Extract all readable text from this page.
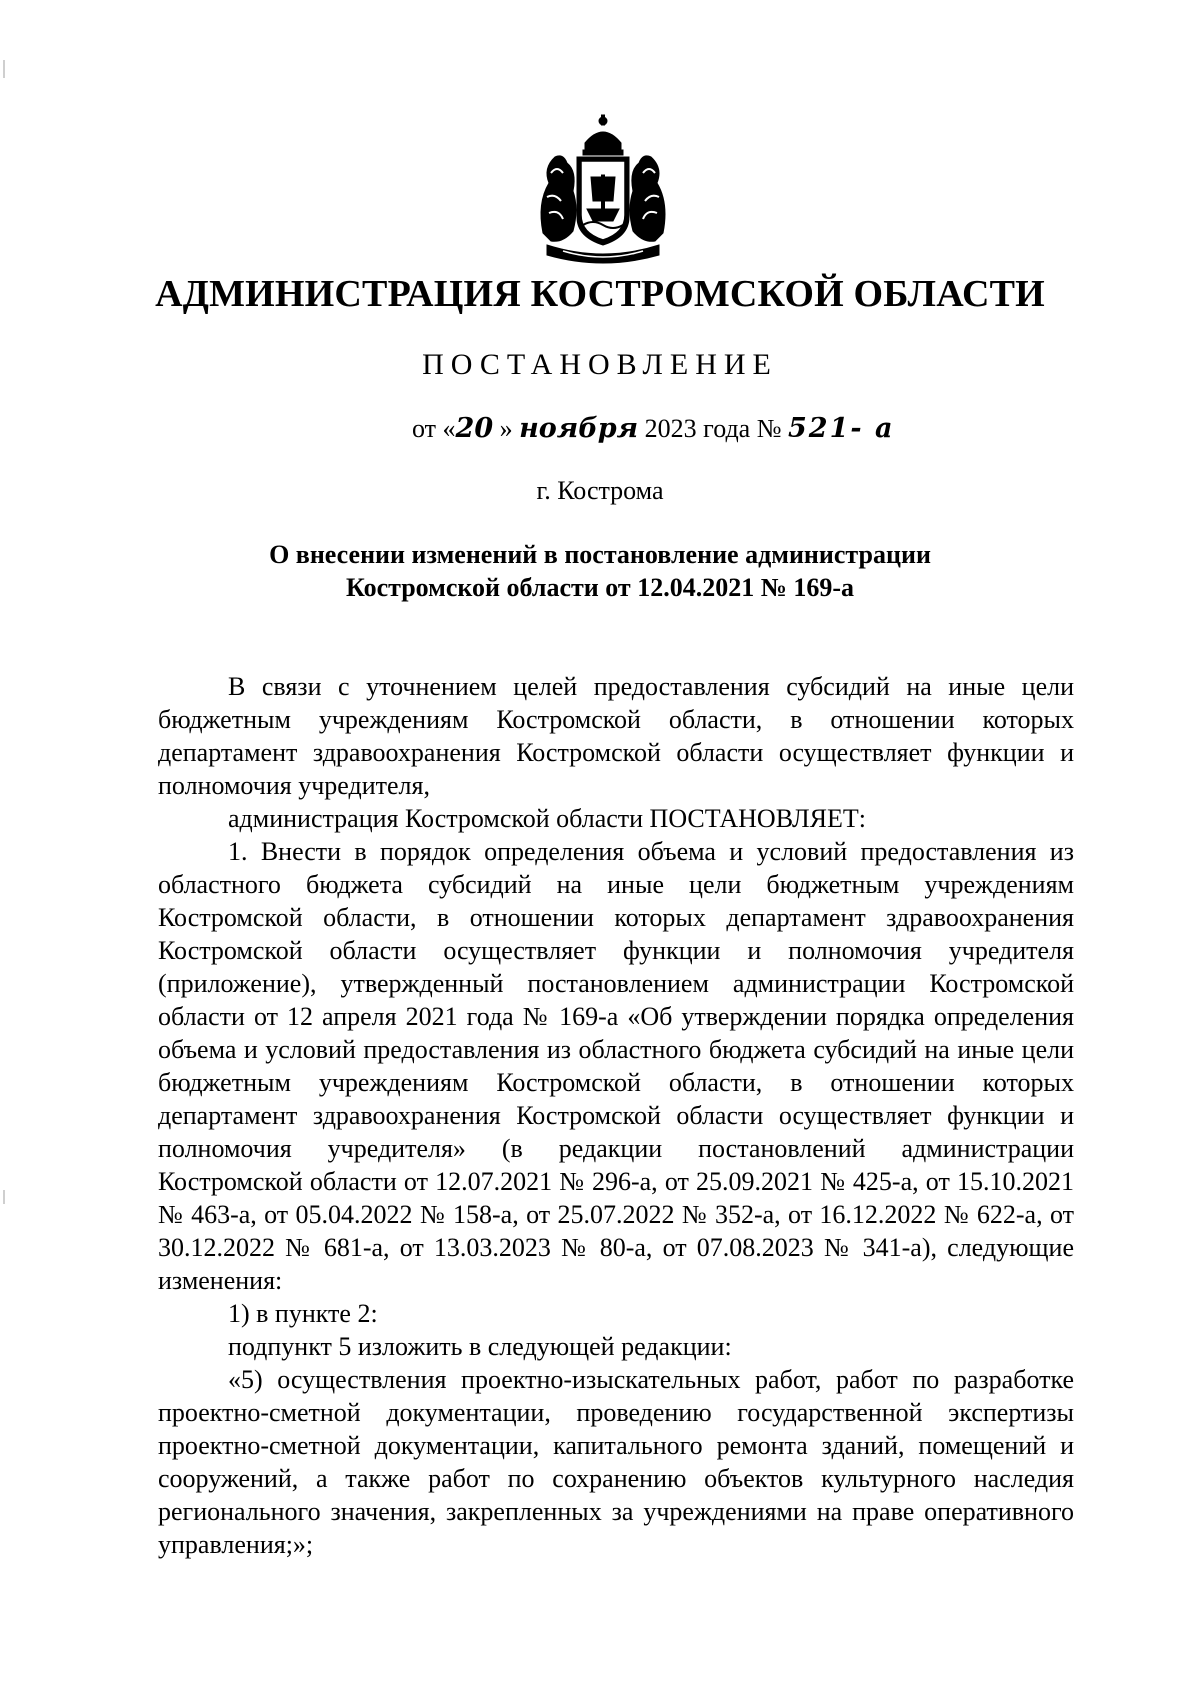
АДМИНИСТРАЦИЯ КОСТРОМСКОЙ ОБЛАСТИ
ПОСТАНОВЛЕНИЕ
от «20 » ноября 2023 года № 521- а
г. Кострома
О внесении изменений в постановление администрации
Костромской области от 12.04.2021 № 169-а

В связи с уточнением целей предоставления субсидий на иные цели бюджетным учреждениям Костромской области, в отношении которых департамент здравоохранения Костромской области осуществляет функции и полномочия учредителя,

администрация Костромской области ПОСТАНОВЛЯЕТ:

1. Внести в порядок определения объема и условий предоставления из областного бюджета субсидий на иные цели бюджетным учреждениям Костромской области, в отношении которых департамент здравоохранения Костромской области осуществляет функции и полномочия учредителя (приложение), утвержденный постановлением администрации Костромской области от 12 апреля 2021 года № 169-а «Об утверждении порядка определения объема и условий предоставления из областного бюджета субсидий на иные цели бюджетным учреждениям Костромской области, в отношении которых департамент здравоохранения Костромской области осуществляет функции и полномочия учредителя» (в редакции постановлений администрации Костромской области от 12.07.2021 № 296-а, от 25.09.2021 № 425-а, от 15.10.2021 № 463-а, от 05.04.2022 № 158-а, от 25.07.2022 № 352-а, от 16.12.2022 № 622-а, от 30.12.2022 № 681-а, от 13.03.2023 № 80-а, от 07.08.2023 № 341-а), следующие изменения:

1) в пункте 2:

подпункт 5 изложить в следующей редакции:

«5) осуществления проектно-изыскательных работ, работ по разработке проектно-сметной документации, проведению государственной экспертизы проектно-сметной документации, капитального ремонта зданий, помещений и сооружений, а также работ по сохранению объектов культурного наследия регионального значения, закрепленных за учреждениями на праве оперативного управления;»;
